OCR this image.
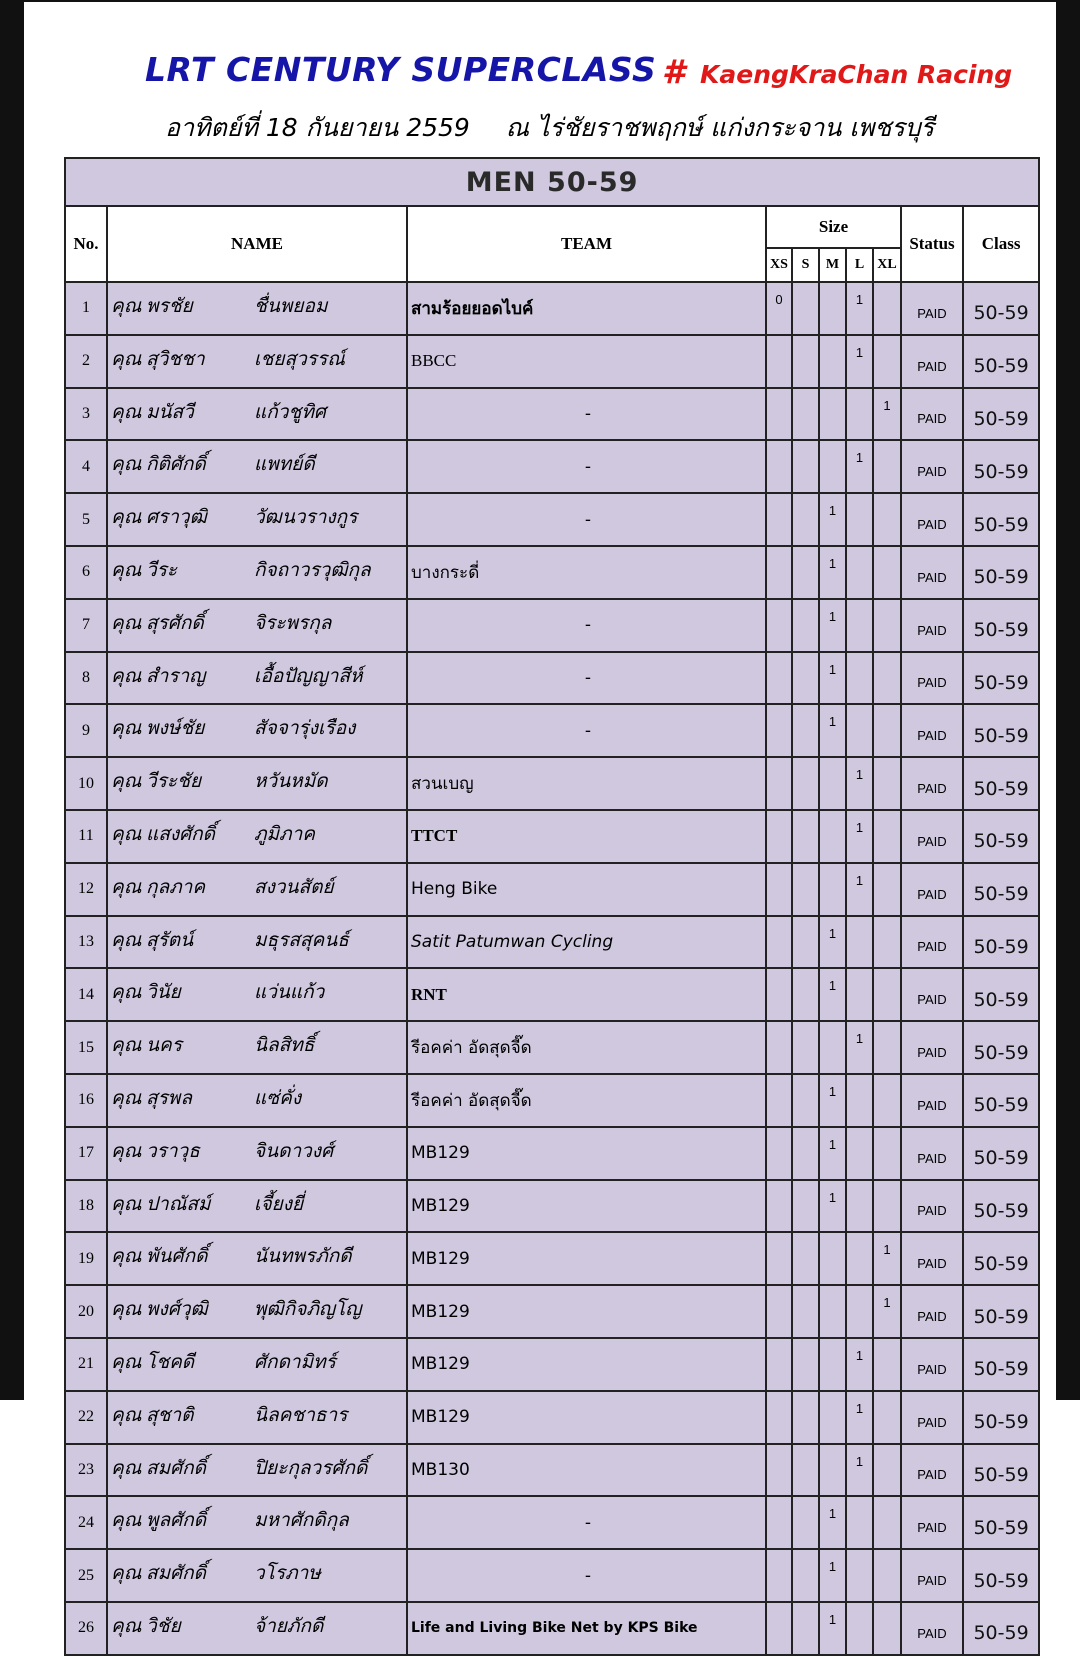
LRT CENTURY SUPERCLASS # KaengKraChan Racing
อาทิตย์ที่ 18 กันยายน 2559 ณ ไร่ชัยราชพฤกษ์ แก่งกระจาน เพชรบุรี
MEN 50-59									
No.	NAME	TEAM	Size					Status	Class
			XS	S	M	L	XL		
1	คุณ พรชัย ชื่นพยอม	สามร้อยยอดไบค์	0			1		PAID	50-59
2	คุณ สุวิชชา เชยสุวรรณ์	BBCC				1		PAID	50-59
3	คุณ มนัสวี แก้วชูทิศ	-					1	PAID	50-59
4	คุณ กิติศักดิ์ แพทย์ดี	-				1		PAID	50-59
5	คุณ ศราวุฒิ วัฒนวรางกูร	-			1			PAID	50-59
6	คุณ วีระ กิจถาวรวุฒิกุล	บางกระดี่			1			PAID	50-59
7	คุณ สุรศักดิ์ จิระพรกุล	-			1			PAID	50-59
8	คุณ สำราญ เอื้อปัญญาสีห์	-			1			PAID	50-59
9	คุณ พงษ์ชัย สัจจารุ่งเรือง	-			1			PAID	50-59
10	คุณ วีระชัย หวันหมัด	สวนเบญ				1		PAID	50-59
11	คุณ แสงศักดิ์ ภูมิภาค	TTCT				1		PAID	50-59
12	คุณ กุลภาค สงวนสัตย์	Heng Bike				1		PAID	50-59
13	คุณ สุรัตน์ มธุรสสุคนธ์	Satit Patumwan Cycling			1			PAID	50-59
14	คุณ วินัย แว่นแก้ว	RNT			1			PAID	50-59
15	คุณ นคร นิลสิทธิ์	รีอคค่า อัดสุดจี๊ด				1		PAID	50-59
16	คุณ สุรพล แซ่คั่ง	รีอคค่า อัดสุดจี๊ด			1			PAID	50-59
17	คุณ วราวุธ จินดาวงศ์	MB129			1			PAID	50-59
18	คุณ ปาณัสม์ เจี้ยงยี่	MB129			1			PAID	50-59
19	คุณ พันศักดิ์ นันทพรภักดี	MB129					1	PAID	50-59
20	คุณ พงศ์วุฒิ พุฒิกิจภิญโญ	MB129					1	PAID	50-59
21	คุณ โชคดี ศักดามิทร์	MB129				1		PAID	50-59
22	คุณ สุชาติ นิลคชาธาร	MB129				1		PAID	50-59
23	คุณ สมศักดิ์ ปิยะกุลวรศักดิ์	MB130				1		PAID	50-59
24	คุณ พูลศักดิ์ มหาศักดิกุล	-			1			PAID	50-59
25	คุณ สมศักดิ์ วโรภาษ	-			1			PAID	50-59
26	คุณ วิชัย จ้ายภักดี	Life and Living Bike Net by KPS Bike			1			PAID	50-59
